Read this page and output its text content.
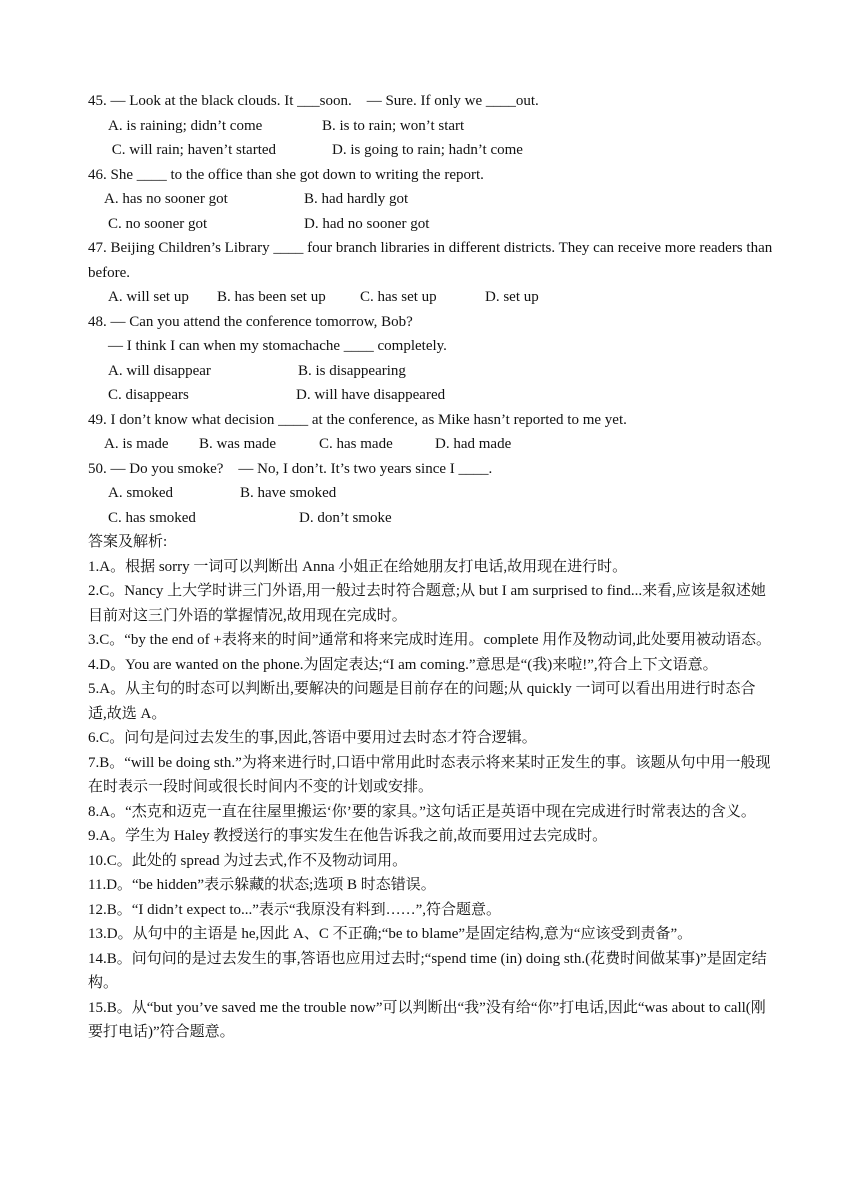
45. — Look at the black clouds. It ___soon.    — Sure. If only we ____out.
A. is raining; didn’t come	B. is to rain; won’t start
C. will rain; haven’t started	D. is going to rain; hadn’t come
46. She ____ to the office than she got down to writing the report.
A. has no sooner got	B. had hardly got
C. no sooner got	D. had no sooner got
47. Beijing Children’s Library ____ four branch libraries in different districts. They can receive more readers than before.
A. will set up B. has been set up C. has set up	D. set up
48. — Can you attend the conference tomorrow, Bob?
— I think I can when my stomachache ____ completely.
A. will disappear	B. is disappearing
C. disappears	D. will have disappeared
49. I don’t know what decision ____ at the conference, as Mike hasn’t reported to me yet.
A. is made B. was made	C. has made	D. had made
50. — Do you smoke?    — No, I don’t. It’s two years since I ____.
A. smoked	B. have smoked
C. has smoked	D. don’t smoke
答案及解析:
1.A。根据 sorry 一词可以判断出 Anna 小姐正在给她朋友打电话,故用现在进行时。
2.C。Nancy 上大学时讲三门外语,用一般过去时符合题意;从 but I am surprised to find...来看,应该是叙述她目前对这三门外语的掌握情况,故用现在完成时。
3.C。“by the end of +表将来的时间”通常和将来完成时连用。complete 用作及物动词,此处要用被动语态。
4.D。You are wanted on the phone.为固定表达;“I am coming.”意思是“(我)来啦!”,符合上下文语意。
5.A。从主句的时态可以判断出,要解决的问题是目前存在的问题;从 quickly 一词可以看出用进行时态合适,故选 A。
6.C。问句是问过去发生的事,因此,答语中要用过去时态才符合逻辑。
7.B。“will be doing sth.”为将来进行时,口语中常用此时态表示将来某时正发生的事。该题从句中用一般现在时表示一段时间或很长时间内不变的计划或安排。
8.A。“杰克和迈克一直在往屋里搬运‘你’要的家具。”这句话正是英语中现在完成进行时常表达的含义。
9.A。学生为 Haley 教授送行的事实发生在他告诉我之前,故而要用过去完成时。
10.C。此处的 spread 为过去式,作不及物动词用。
11.D。“be hidden”表示躲藏的状态;选项 B 时态错误。
12.B。“I didn’t expect to...”表示“我原没有料到……”,符合题意。
13.D。从句中的主语是 he,因此 A、C 不正确;“be to blame”是固定结构,意为“应该受到责备”。
14.B。问句问的是过去发生的事,答语也应用过去时;“spend time (in) doing sth.(花费时间做某事)”是固定结构。
15.B。从“but you’ve saved me the trouble now”可以判断出“我”没有给“你”打电话,因此“was about to call(刚要打电话)”符合题意。
